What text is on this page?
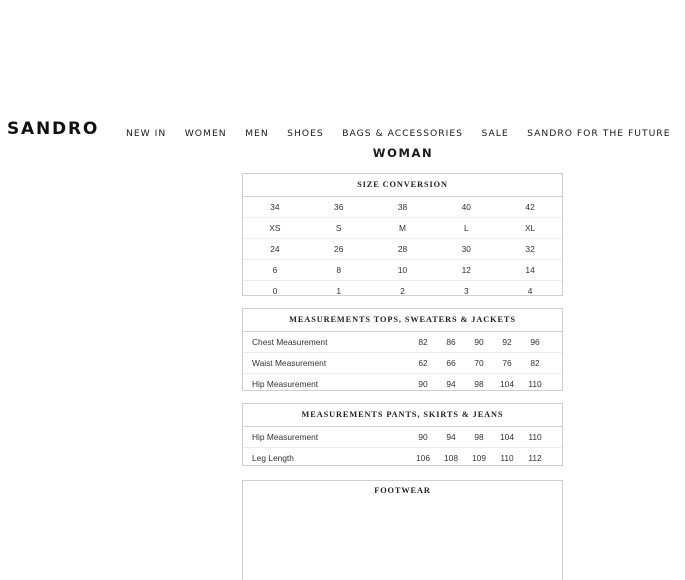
SANDRO	NEW IN WOMEN MEN SHOES BAGS & ACCESSORIES SALE SANDRO FOR THE FUTURE
WOMAN
SIZE CONVERSION
34	36	38	40	42
XS	S	M	L	XL
24	26	28	30	32
6	8	10	12	14
0	1	2	3	4
MEASUREMENTS TOPS, SWEATERS & JACKETS
Chest Measurement	82	86	90	92	96
Waist Measurement	62	66	70	76	82
Hip Measurement	90	94	98	104	110
MEASUREMENTS PANTS, SKIRTS & JEANS
Hip Measurement	90	94	98	104	110
Leg Length	106	108	109	110	112
FOOTWEAR
